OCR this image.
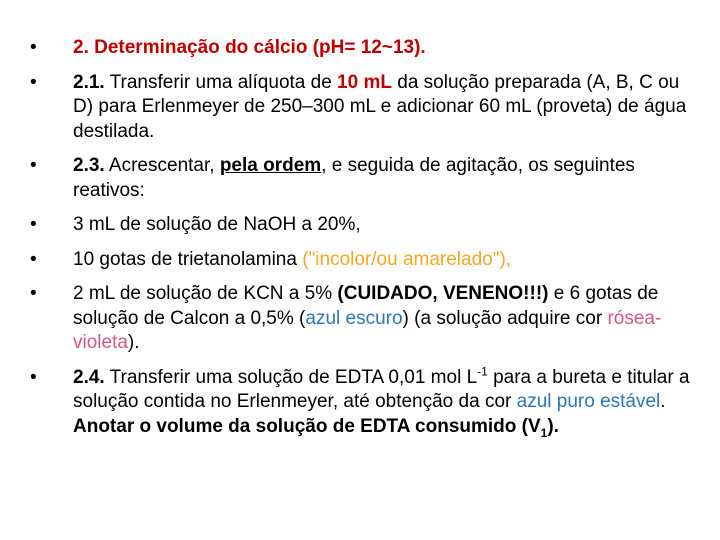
•	2. Determinação do cálcio (pH= 12~13).
•	2.1. Transferir uma alíquota de 10 mL da solução preparada (A, B, C ou D) para Erlenmeyer de 250–300 mL e adicionar 60 mL (proveta) de água destilada.
•	2.3. Acrescentar, pela ordem, e seguida de agitação, os seguintes reativos:
•	3 mL de solução de NaOH a 20%,
•	10 gotas de trietanolamina ("incolor/ou amarelado"),
•	2 mL de solução de KCN a 5% (CUIDADO, VENENO!!!) e 6 gotas de solução de Calcon a 0,5% (azul escuro) (a solução adquire cor rósea-violeta).
•	2.4. Transferir uma solução de EDTA 0,01 mol $L^{-1}$ para a bureta e titular a solução contida no Erlenmeyer, até obtenção da cor azul puro estável. Anotar o volume da solução de EDTA consumido $(V_1)$.
